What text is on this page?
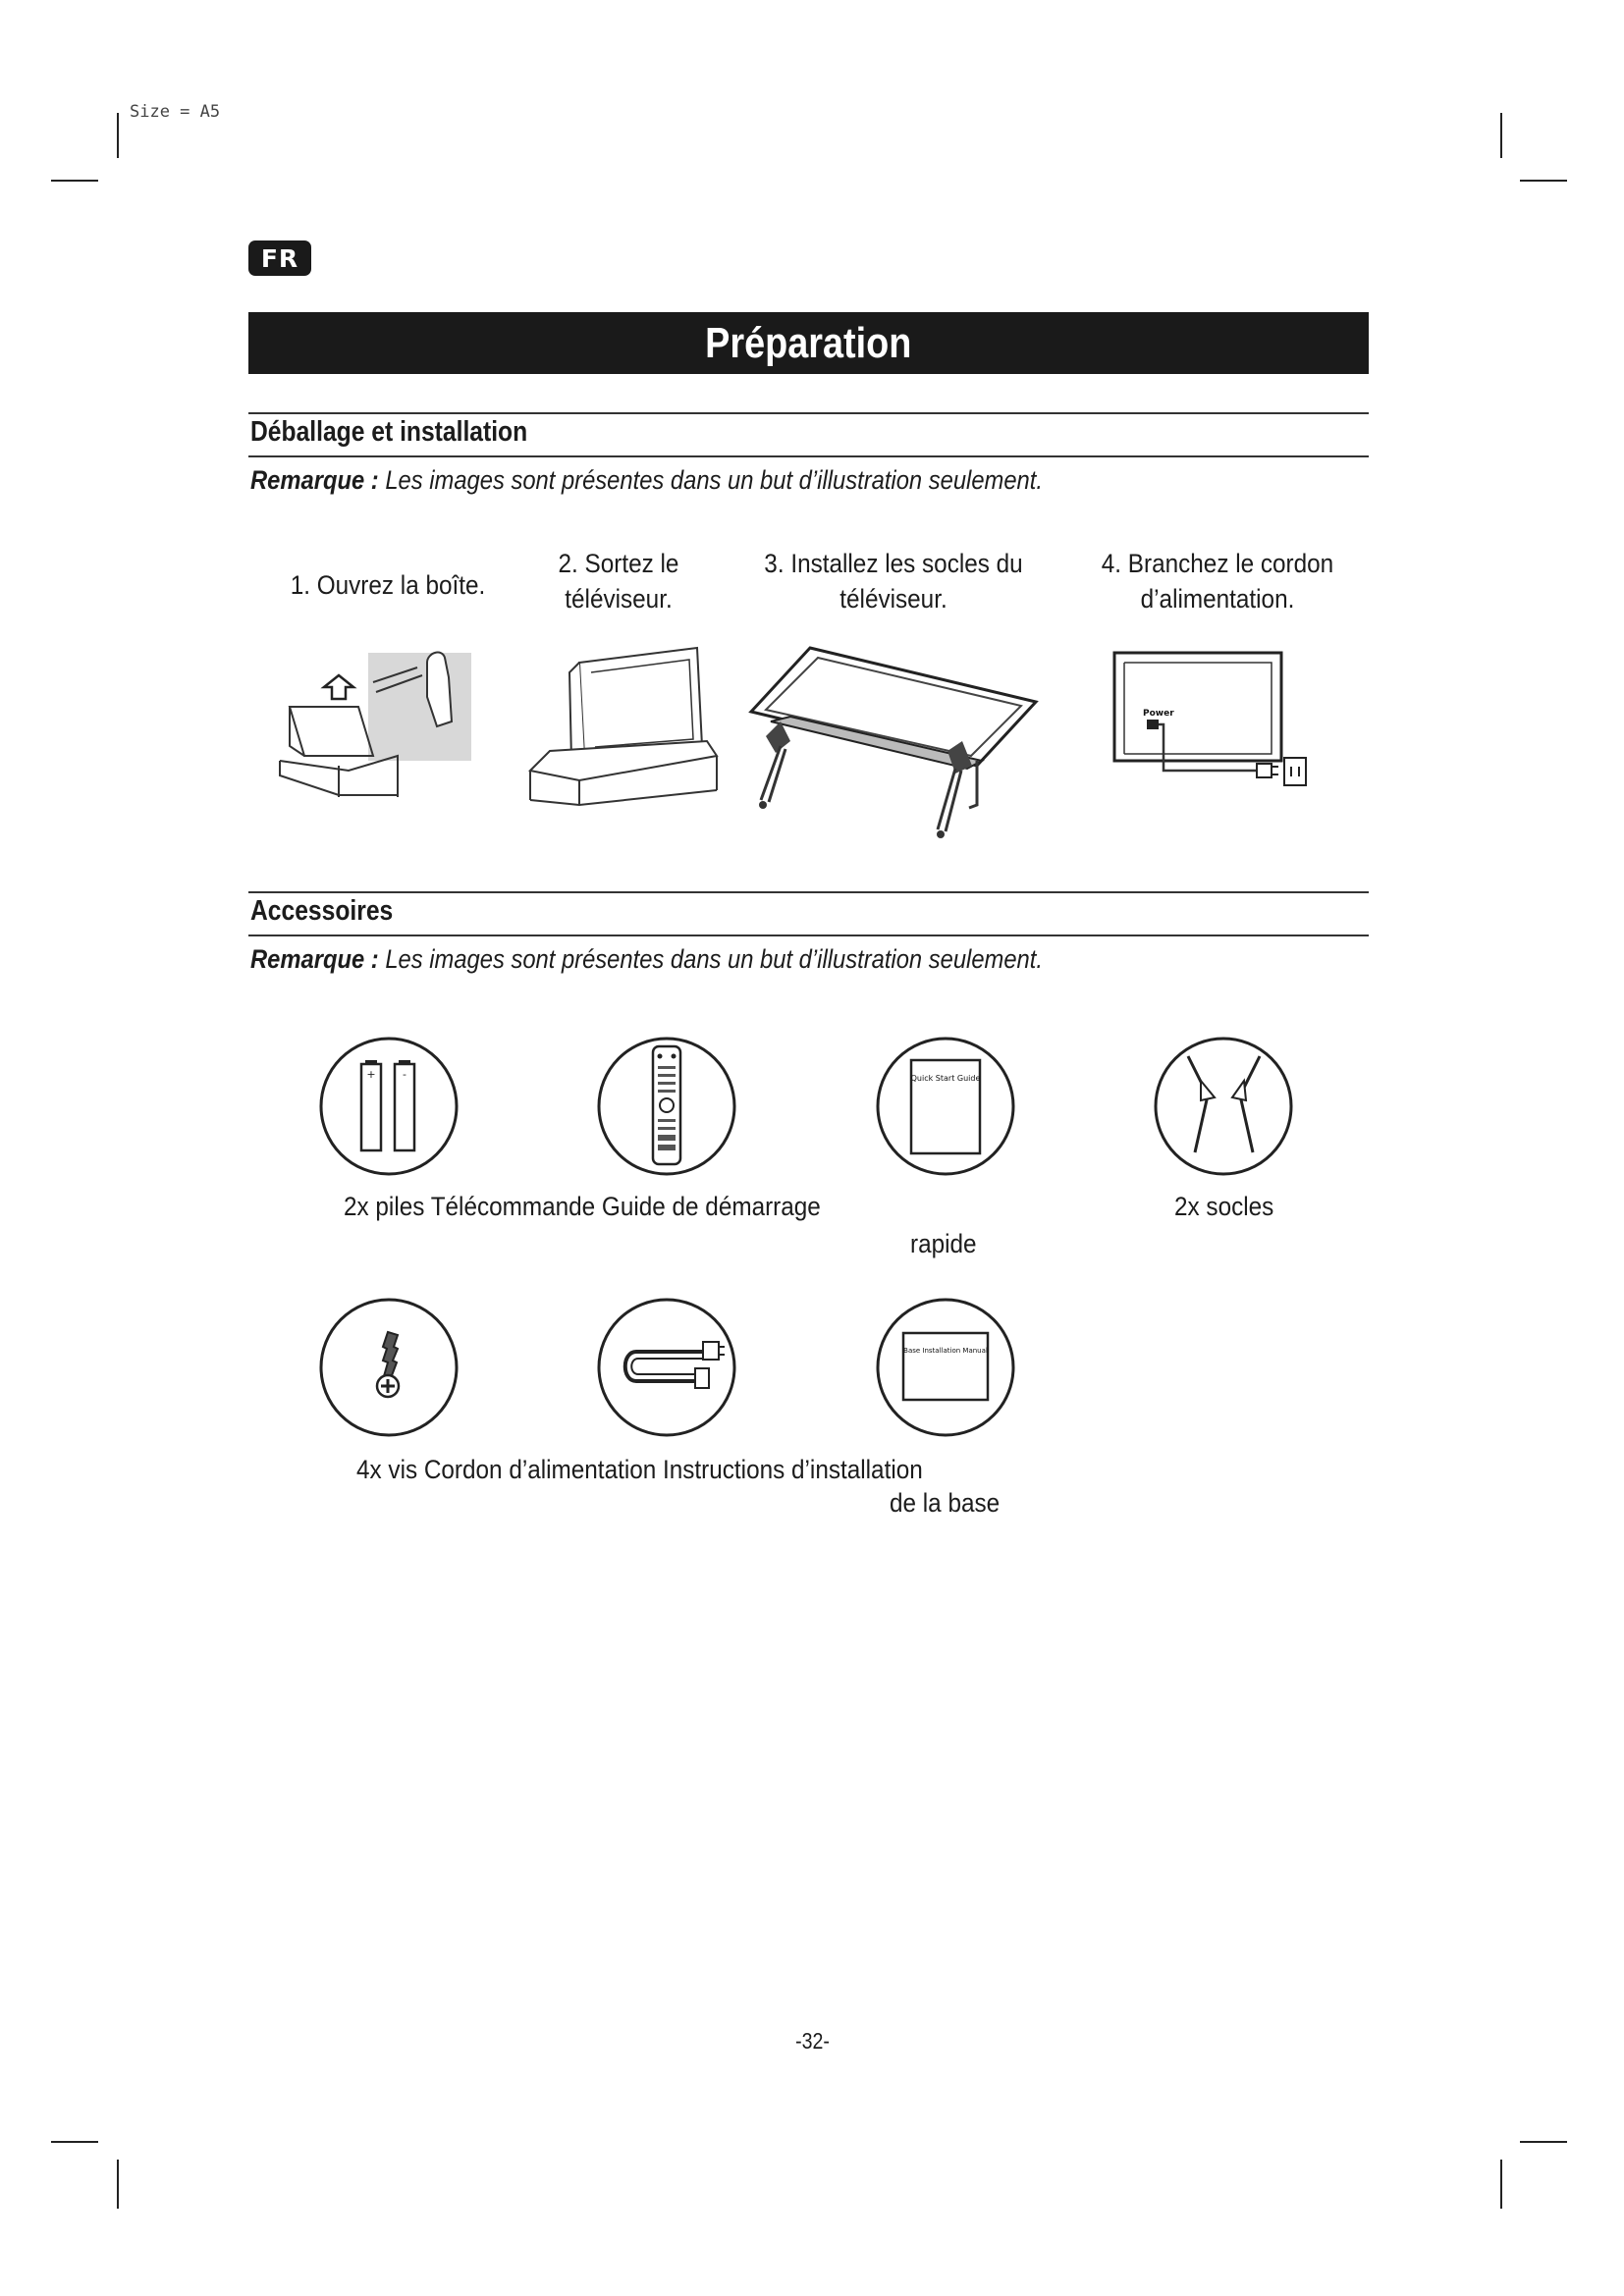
Size = A5
FR
Préparation
Déballage et installation
Remarque : Les images sont présentes dans un but d’illustration seulement.
1. Ouvrez la boîte.
2. Sortez le
téléviseur.
3. Installez les socles du
téléviseur.
4. Branchez le cordon
d’alimentation.
Power
Accessoires
Remarque : Les images sont présentes dans un but d’illustration seulement.
+ -	Quick Start Guide
2x piles Télécommande Guide de démarrage
rapide
2x socles
Base Installation Manual
4x vis Cordon d’alimentation Instructions d’installation
de la base
-32-
